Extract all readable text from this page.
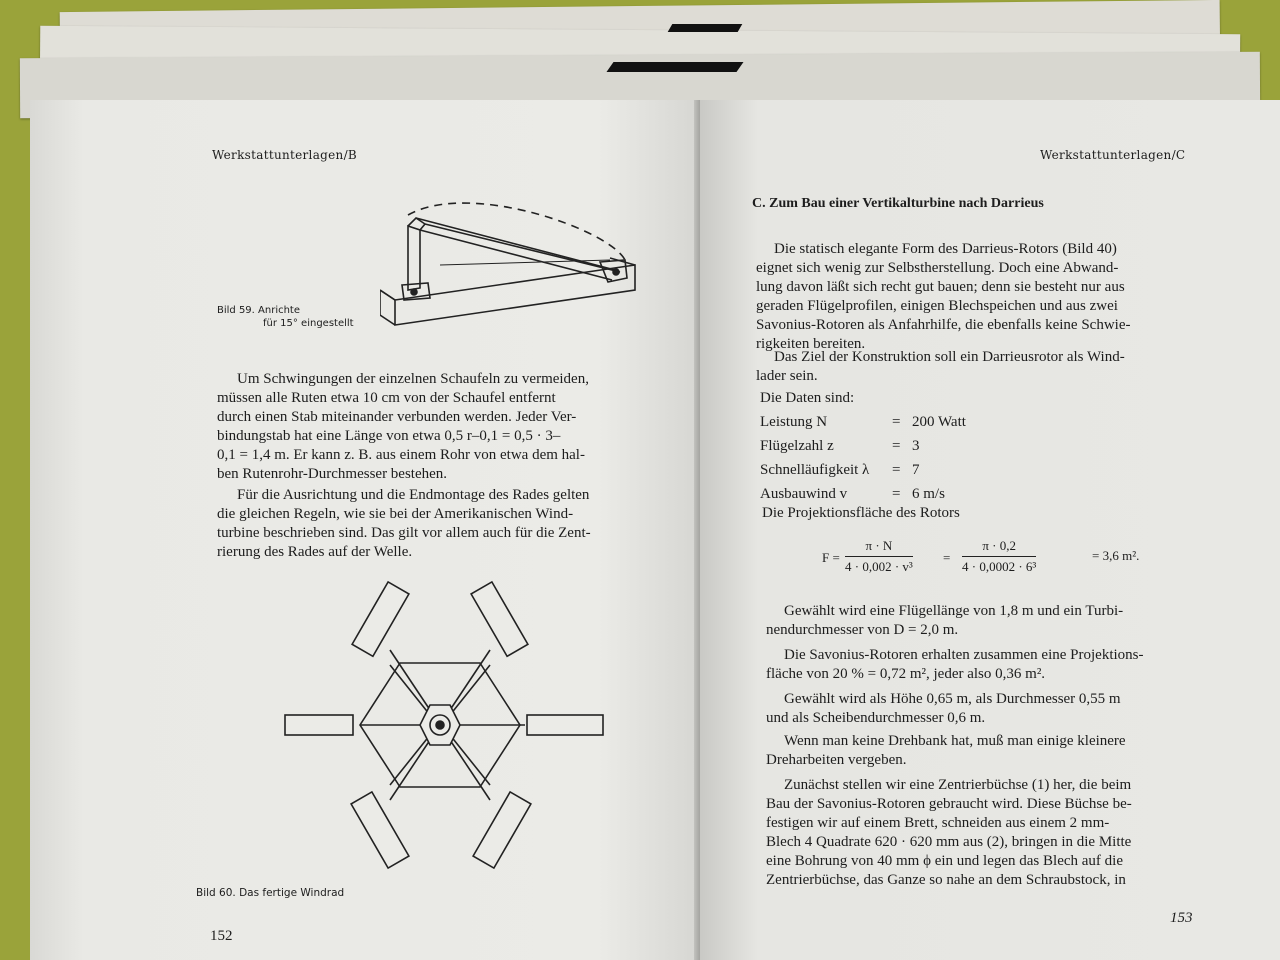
Werkstattunterlagen/B
Bild 59. Anrichte
für 15° eingestellt
Um Schwingungen der einzelnen Schaufeln zu vermeiden,
müssen alle Ruten etwa 10 cm von der Schaufel entfernt
durch einen Stab miteinander verbunden werden. Jeder Ver-
bindungstab hat eine Länge von etwa 0,5 r–0,1 = 0,5 · 3–
0,1 = 1,4 m. Er kann z. B. aus einem Rohr von etwa dem hal-
ben Rutenrohr-Durchmesser bestehen.
Für die Ausrichtung und die Endmontage des Rades gelten
die gleichen Regeln, wie sie bei der Amerikanischen Wind-
turbine beschrieben sind. Das gilt vor allem auch für die Zent-
rierung des Rades auf der Welle.
Bild 60. Das fertige Windrad
152
Werkstattunterlagen/C
C. Zum Bau einer Vertikalturbine nach Darrieus
Die statisch elegante Form des Darrieus-Rotors (Bild 40)
eignet sich wenig zur Selbstherstellung. Doch eine Abwand-
lung davon läßt sich recht gut bauen; denn sie besteht nur aus
geraden Flügelprofilen, einigen Blechspeichen und aus zwei
Savonius-Rotoren als Anfahrhilfe, die ebenfalls keine Schwie-
rigkeiten bereiten.
Das Ziel der Konstruktion soll ein Darrieusrotor als Wind-
lader sein.
Die Daten sind:
Leistung N	= 200 Watt
Flügelzahl z	= 3
Schnelläufigkeit λ	= 7
Ausbauwind v	= 6 m/s
Die Projektionsfläche des Rotors
$F = \frac{\pi \cdot N}{\text{4 · 0,002 · v³}} = \frac{\pi \cdot 0,2}{\text{4 · 0,0002 · 6³}}$	= 3,6 m².
Gewählt wird eine Flügellänge von 1,8 m und ein Turbi-
nendurchmesser von D = 2,0 m.
Die Savonius-Rotoren erhalten zusammen eine Projektions-
fläche von 20 % = 0,72 m², jeder also 0,36 m².
Gewählt wird als Höhe 0,65 m, als Durchmesser 0,55 m
und als Scheibendurchmesser 0,6 m.
Wenn man keine Drehbank hat, muß man einige kleinere
Dreharbeiten vergeben.
Zunächst stellen wir eine Zentrierbüchse (1) her, die beim
Bau der Savonius-Rotoren gebraucht wird. Diese Büchse be-
festigen wir auf einem Brett, schneiden aus einem 2 mm-
Blech 4 Quadrate 620 · 620 mm aus (2), bringen in die Mitte
eine Bohrung von 40 mm ϕ ein und legen das Blech auf die
Zentrierbüchse, das Ganze so nahe an dem Schraubstock, in
153
